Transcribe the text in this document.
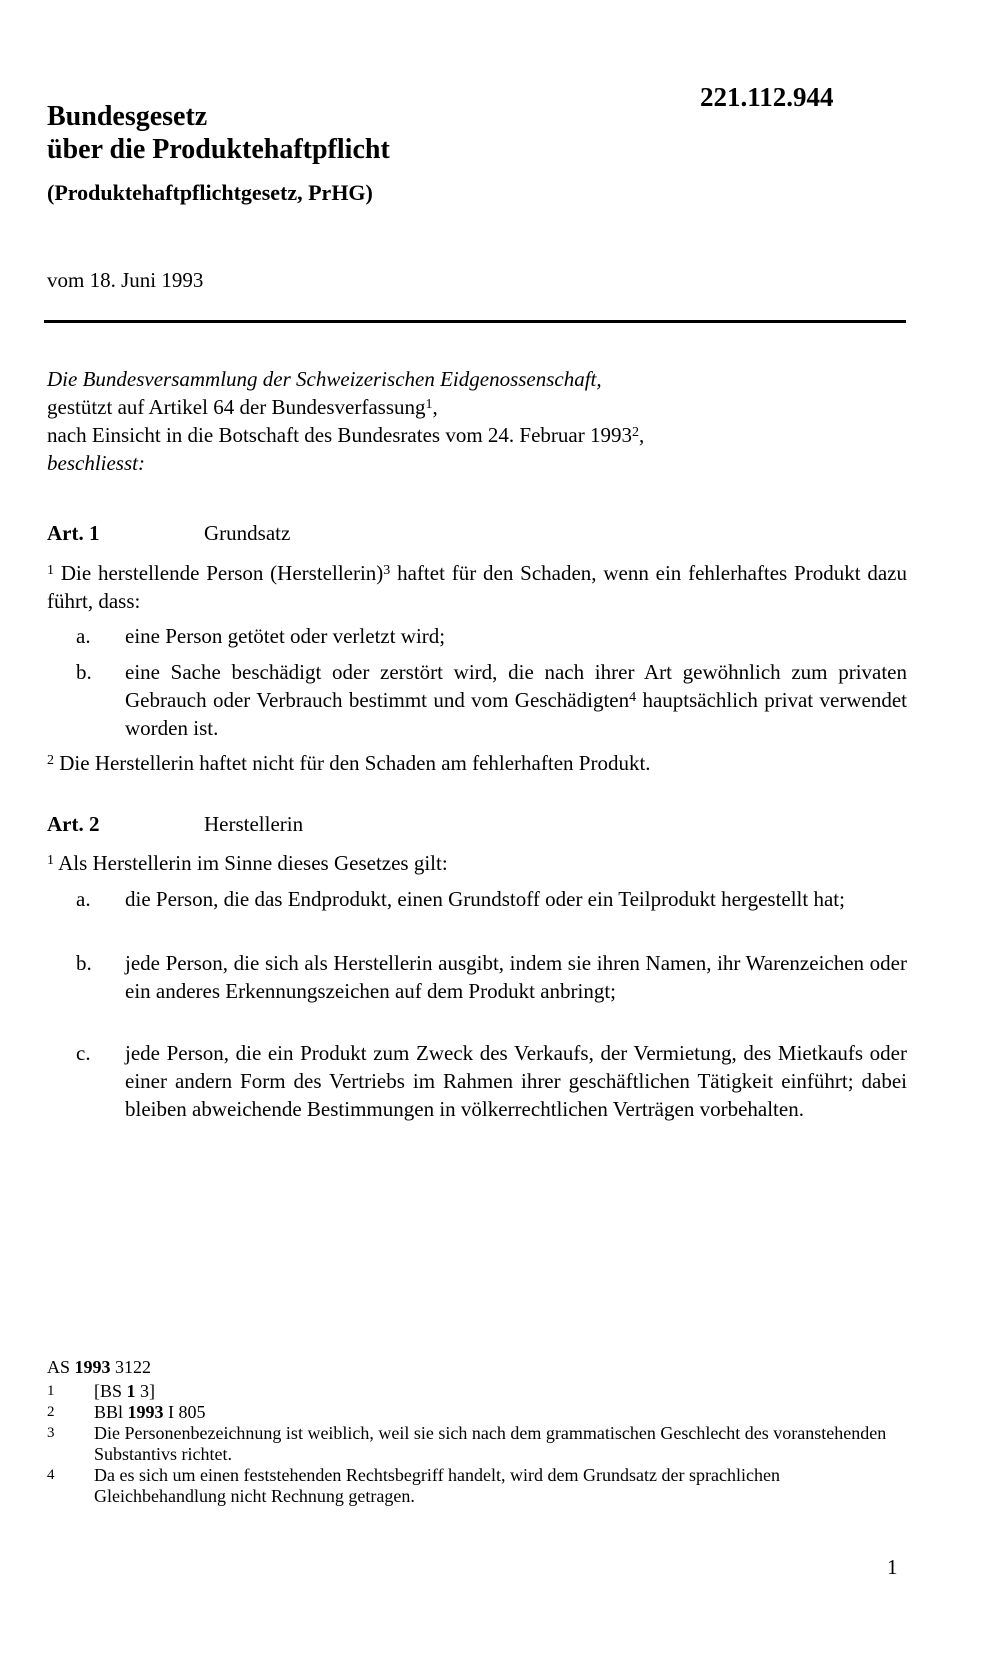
221.112.944
Bundesgesetz
über die Produktehaftpflicht
(Produktehaftpflichtgesetz, PrHG)
vom 18. Juni 1993
Die Bundesversammlung der Schweizerischen Eidgenossenschaft,
gestützt auf Artikel 64 der Bundesverfassung$^1$,
nach Einsicht in die Botschaft des Bundesrates vom 24. Februar 1993$^2$,
beschliesst:
Art. 1	Grundsatz
$^1$ Die herstellende Person (Herstellerin)$^3$ haftet für den Schaden, wenn ein fehlerhaftes Produkt dazu führt, dass:
a.	eine Person getötet oder verletzt wird;
b.	eine Sache beschädigt oder zerstört wird, die nach ihrer Art gewöhnlich zum privaten Gebrauch oder Verbrauch bestimmt und vom Geschädigten$^4$ hauptsächlich privat verwendet worden ist.
$^2$ Die Herstellerin haftet nicht für den Schaden am fehlerhaften Produkt.
Art. 2	Herstellerin
$^1$ Als Herstellerin im Sinne dieses Gesetzes gilt:
a.	die Person, die das Endprodukt, einen Grundstoff oder ein Teilprodukt hergestellt hat;
b.	jede Person, die sich als Herstellerin ausgibt, indem sie ihren Namen, ihr Warenzeichen oder ein anderes Erkennungszeichen auf dem Produkt anbringt;
c.	jede Person, die ein Produkt zum Zweck des Verkaufs, der Vermietung, des Mietkaufs oder einer andern Form des Vertriebs im Rahmen ihrer geschäftlichen Tätigkeit einführt; dabei bleiben abweichende Bestimmungen in völkerrechtlichen Verträgen vorbehalten.
AS 1993 3122
1 [BS 1 3]
2 BBl 1993 I 805
3 Die Personenbezeichnung ist weiblich, weil sie sich nach dem grammatischen Geschlecht des voranstehenden Substantivs richtet.
4 Da es sich um einen feststehenden Rechtsbegriff handelt, wird dem Grundsatz der sprachlichen Gleichbehandlung nicht Rechnung getragen.
1
